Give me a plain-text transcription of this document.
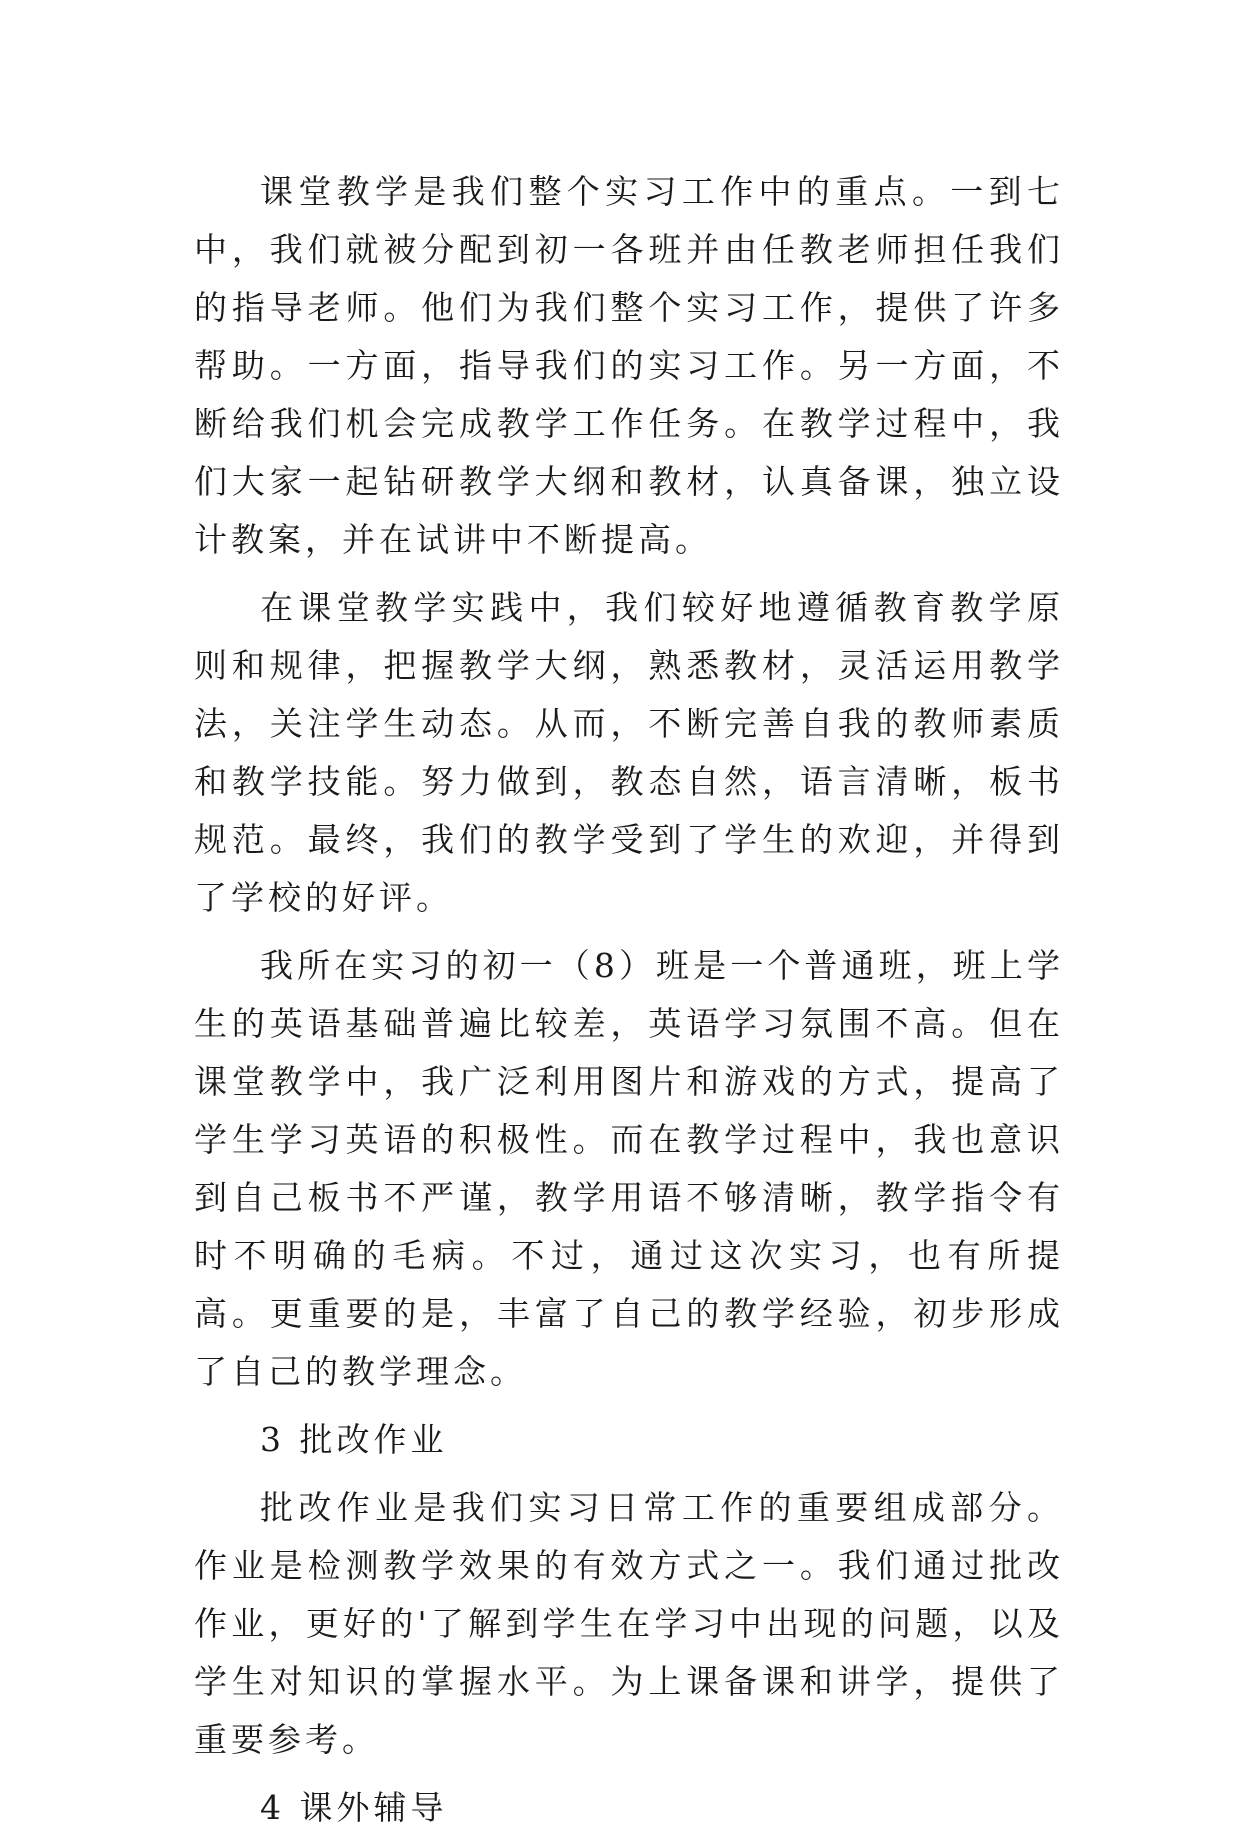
课堂教学是我们整个实习工作中的重点。一到七中，我们就被分配到初一各班并由任教老师担任我们的指导老师。他们为我们整个实习工作，提供了许多帮助。一方面，指导我们的实习工作。另一方面，不断给我们机会完成教学工作任务。在教学过程中，我们大家一起钻研教学大纲和教材，认真备课，独立设计教案，并在试讲中不断提高。

在课堂教学实践中，我们较好地遵循教育教学原则和规律，把握教学大纲，熟悉教材，灵活运用教学法，关注学生动态。从而，不断完善自我的教师素质和教学技能。努力做到，教态自然，语言清晰，板书规范。最终，我们的教学受到了学生的欢迎，并得到了学校的好评。

我所在实习的初一（8）班是一个普通班，班上学生的英语基础普遍比较差，英语学习氛围不高。但在课堂教学中，我广泛利用图片和游戏的方式，提高了学生学习英语的积极性。而在教学过程中，我也意识到自己板书不严谨，教学用语不够清晰，教学指令有时不明确的毛病。不过，通过这次实习，也有所提高。更重要的是，丰富了自己的教学经验，初步形成了自己的教学理念。

3 批改作业

批改作业是我们实习日常工作的重要组成部分。作业是检测教学效果的有效方式之一。我们通过批改作业，更好的'了解到学生在学习中出现的问题，以及学生对知识的掌握水平。为上课备课和讲学，提供了重要参考。

4 课外辅导
